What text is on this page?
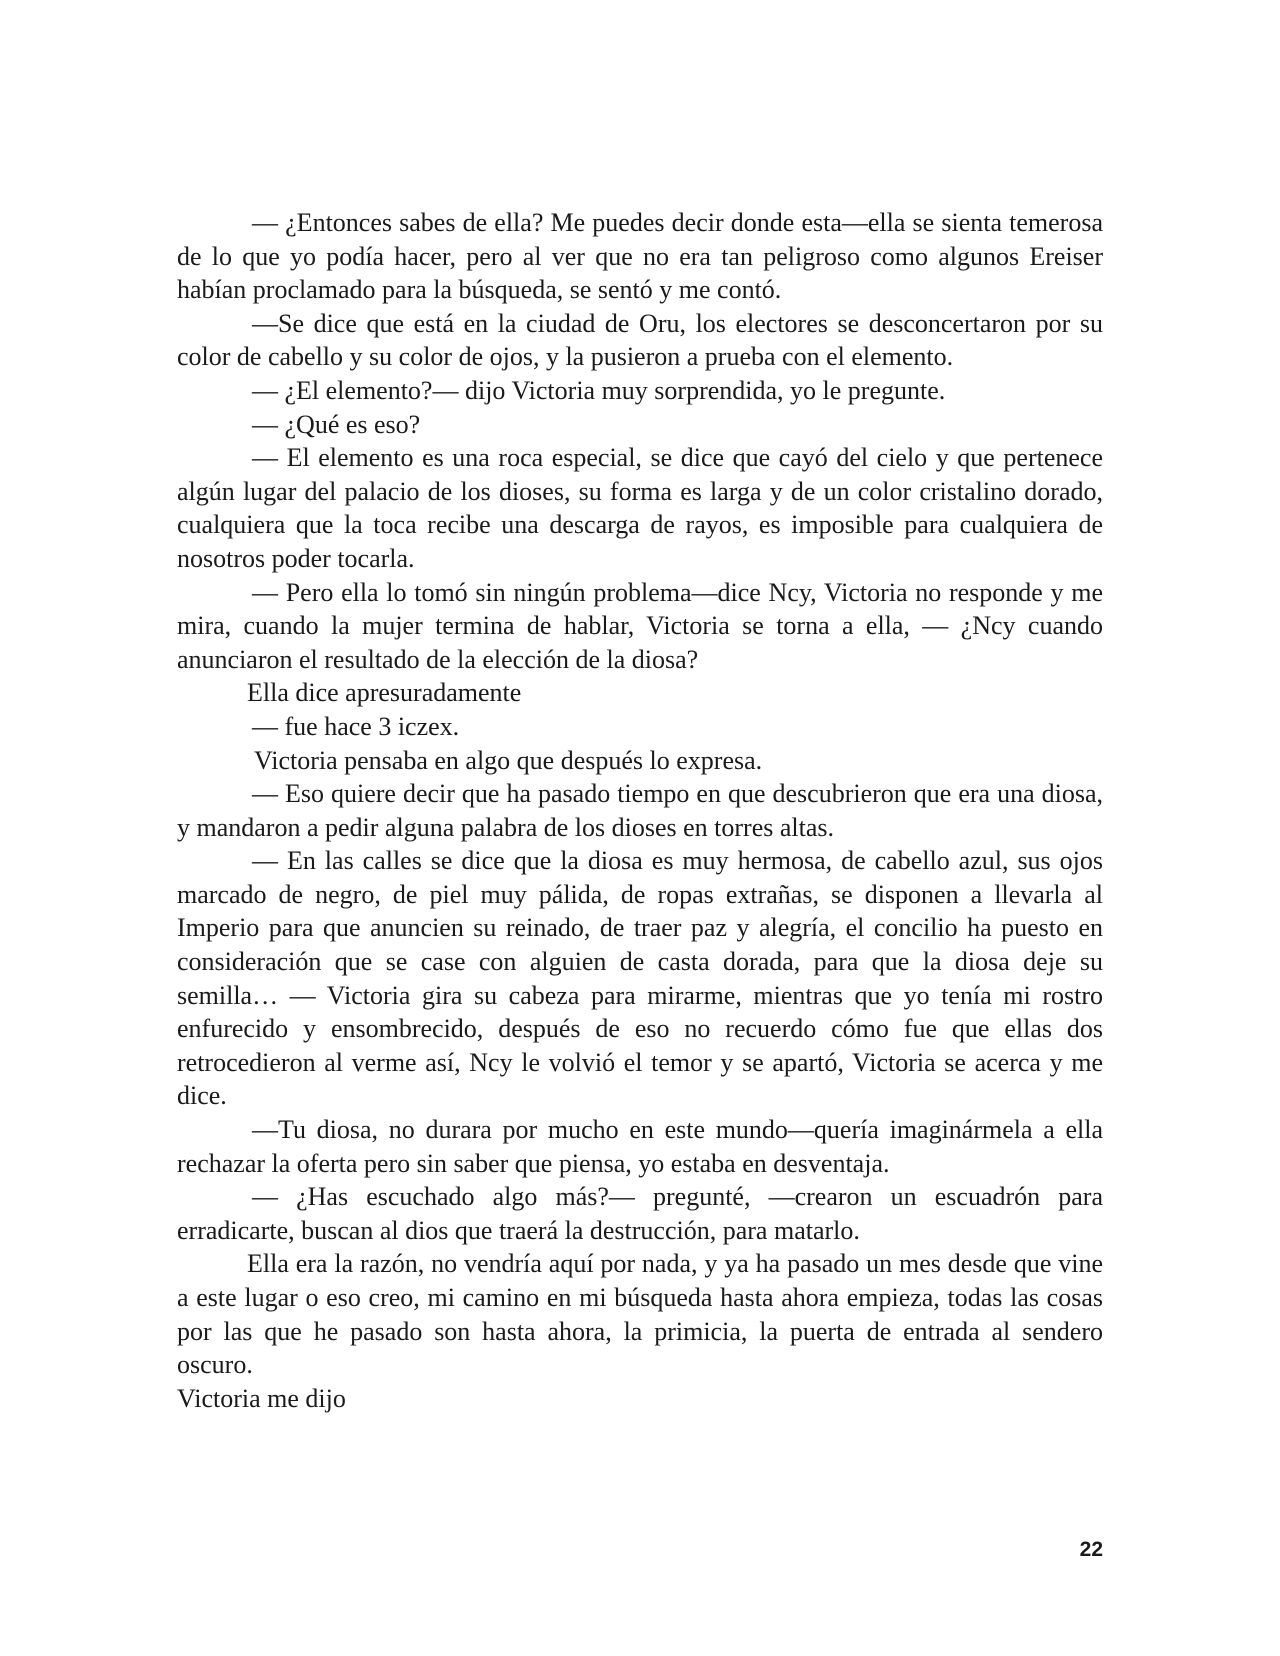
— ¿Entonces sabes de ella? Me puedes decir donde esta—ella se sienta temerosa de lo que yo podía hacer, pero al ver que no era tan peligroso como algunos Ereiser habían proclamado para la búsqueda, se sentó y me contó.

—Se dice que está en la ciudad de Oru, los electores se desconcertaron por su color de cabello y su color de ojos, y la pusieron a prueba con el elemento.

— ¿El elemento?— dijo Victoria muy sorprendida, yo le pregunte.

— ¿Qué es eso?

— El elemento es una roca especial, se dice que cayó del cielo y que pertenece algún lugar del palacio de los dioses, su forma es larga y de un color cristalino dorado, cualquiera que la toca recibe una descarga de rayos, es imposible para cualquiera de nosotros poder tocarla.

— Pero ella lo tomó sin ningún problema—dice Ncy, Victoria no responde y me mira, cuando la mujer termina de hablar, Victoria se torna a ella, — ¿Ncy cuando anunciaron el resultado de la elección de la diosa?

Ella dice apresuradamente

— fue hace 3 iczex.

Victoria pensaba en algo que después lo expresa.

— Eso quiere decir que ha pasado tiempo en que descubrieron que era una diosa, y mandaron a pedir alguna palabra de los dioses en torres altas.

— En las calles se dice que la diosa es muy hermosa, de cabello azul, sus ojos marcado de negro, de piel muy pálida, de ropas extrañas, se disponen a llevarla al Imperio para que anuncien su reinado, de traer paz y alegría, el concilio ha puesto en consideración que se case con alguien de casta dorada, para que la diosa deje su semilla… — Victoria gira su cabeza para mirarme, mientras que yo tenía mi rostro enfurecido y ensombrecido, después de eso no recuerdo cómo fue que ellas dos retrocedieron al verme así, Ncy le volvió el temor y se apartó, Victoria se acerca y me dice.

—Tu diosa, no durara por mucho en este mundo—quería imaginármela a ella rechazar la oferta pero sin saber que piensa, yo estaba en desventaja.

— ¿Has escuchado algo más?— pregunté, —crearon un escuadrón para erradicarte, buscan al dios que traerá la destrucción, para matarlo.

Ella era la razón, no vendría aquí por nada, y ya ha pasado un mes desde que vine a este lugar o eso creo, mi camino en mi búsqueda hasta ahora empieza, todas las cosas por las que he pasado son hasta ahora, la primicia, la puerta de entrada al sendero oscuro.

Victoria me dijo

22
